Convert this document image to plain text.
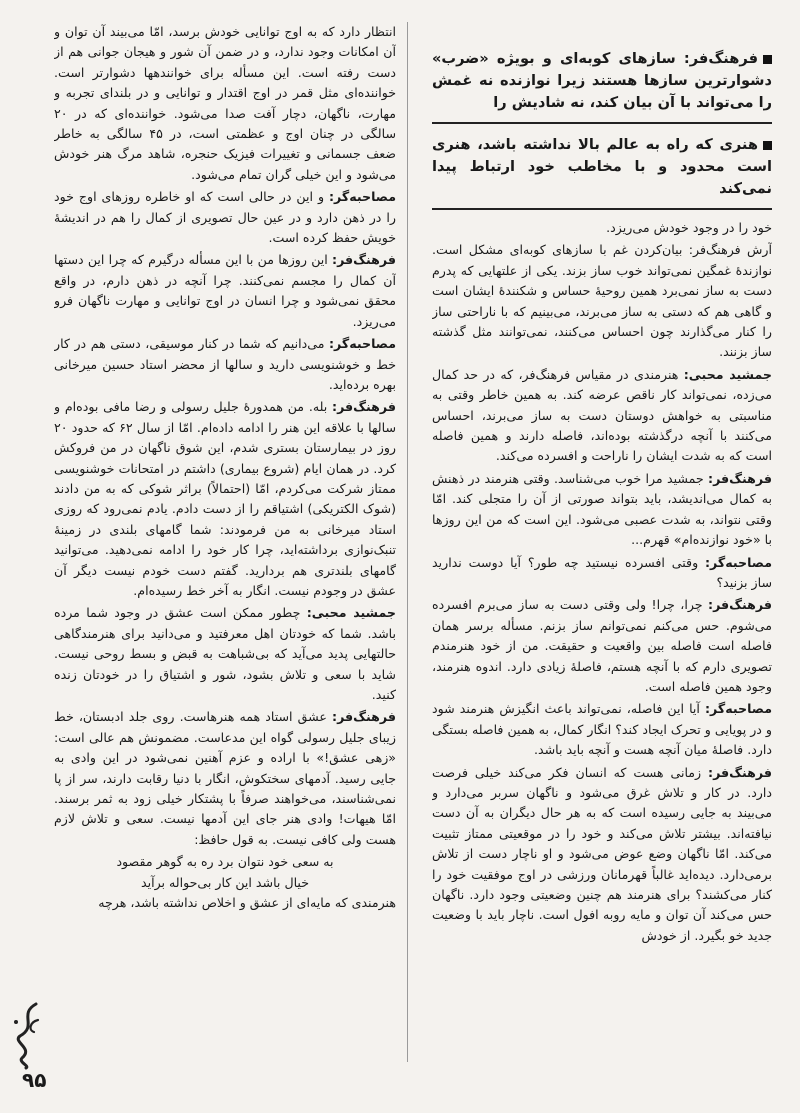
فرهنگ‌فر: سازهای کوبه‌ای و بویژه «ضرب» دشوارترین سازها هستند زیرا نوازنده نه غمش را می‌تواند با آن بیان کند، نه شادیش را
هنری که راه به عالم بالا نداشته باشد، هنری است محدود و با مخاطب خود ارتباط پیدا نمی‌کند

خود را در وجود خودش می‌ریزد.

آرش فرهنگ‌فر: بیان‌کردن غم با سازهای کوبه‌ای مشکل است. نوازندهٔ غمگین نمی‌تواند خوب ساز بزند. یکی از علتهایی که پدرم دست به ساز نمی‌برد همین روحیهٔ حساس و شکنندهٔ ایشان است و گاهی هم که دستی به ساز می‌برند، می‌بینیم که با ناراحتی ساز را کنار می‌گذارند چون احساس می‌کنند، نمی‌توانند مثل گذشته ساز بزنند.

جمشید محبی: هنرمندی در مقیاس فرهنگ‌فر، که در حد کمال می‌زده، نمی‌تواند کار ناقص عرضه کند. به همین خاطر وقتی به مناسبتی به خواهش دوستان دست به ساز می‌برند، احساس می‌کنند با آنچه درگذشته بوده‌اند، فاصله دارند و همین فاصله است که به شدت ایشان را ناراحت و افسرده می‌کند.

فرهنگ‌فر: جمشید مرا خوب می‌شناسد. وقتی هنرمند در ذهنش به کمال می‌اندیشد، باید بتواند صورتی از آن را متجلی کند. امّا وقتی نتواند، به شدت عصبی می‌شود. این است که من این روزها با «خود نوازنده‌ام» قهرم...

مصاحبه‌گر: وقتی افسرده نیستید چه طور؟ آیا دوست ندارید ساز بزنید؟

فرهنگ‌فر: چرا، چرا! ولی وقتی دست به ساز می‌برم افسرده می‌شوم. حس می‌کنم نمی‌توانم ساز بزنم. مسأله برسر همان فاصله است فاصله بین واقعیت و حقیقت. من از خود هنرمندم تصویری دارم که با آنچه هستم، فاصلهٔ زیادی دارد. اندوه هنرمند، وجود همین فاصله است.

مصاحبه‌گر: آیا این فاصله، نمی‌تواند باعث انگیزش هنرمند شود و در پویایی و تحرک ایجاد کند؟ انگار کمال، به همین فاصله بستگی دارد. فاصلهٔ میان آنچه هست و آنچه باید باشد.

فرهنگ‌فر: زمانی هست که انسان فکر می‌کند خیلی فرصت دارد. در کار و تلاش غرق می‌شود و ناگهان سربر می‌دارد و می‌بیند به جایی رسیده است که به هر حال دیگران به آن دست نیافته‌اند. بیشتر تلاش می‌کند و خود را در موقعیتی ممتاز تثبیت می‌کند. امّا ناگهان وضع عوض می‌شود و او ناچار دست از تلاش برمی‌دارد. دیده‌اید غالباً قهرمانان ورزشی در اوج موفقیت خود را کنار می‌کشند؟ برای هنرمند هم چنین وضعیتی وجود دارد. ناگهان حس می‌کند آن توان و مایه روبه افول است. ناچار باید با وضعیت جدید خو بگیرد. از خودش

انتظار دارد که به اوج توانایی خودش برسد، امّا می‌بیند آن توان و آن امکانات وجود ندارد، و در ضمن آن شور و هیجان جوانی هم از دست رفته است. این مسأله برای خوانندهها دشوارتر است. خواننده‌ای مثل قمر در اوج اقتدار و توانایی و در بلندای تجربه و مهارت، ناگهان، دچار آفت صدا می‌شود. خواننده‌ای که در ۲۰ سالگی در چنان اوج و عظمتی است، در ۴۵ سالگی به خاطر ضعف جسمانی و تغییرات فیزیک حنجره، شاهد مرگ هنر خودش می‌شود و این خیلی گران تمام می‌شود.

مصاحبه‌گر: و این در حالی است که او خاطره روزهای اوج خود را در ذهن دارد و در عین حال تصویری از کمال را هم در اندیشهٔ خویش حفظ کرده است.

فرهنگ‌فر: این روزها من با این مسأله درگیرم که چرا این دستها آن کمال را مجسم نمی‌کنند. چرا آنچه در ذهن دارم، در واقع محقق نمی‌شود و چرا انسان در اوج توانایی و مهارت ناگهان فرو می‌ریزد.

مصاحبه‌گر: می‌دانیم که شما در کنار موسیقی، دستی هم در کار خط و خوشنویسی دارید و سالها از محضر استاد حسین میرخانی بهره برده‌اید.

فرهنگ‌فر: بله. من همدورهٔ جلیل رسولی و رضا مافی بوده‌ام و سالها با علاقه این هنر را ادامه داده‌ام. امّا از سال ۶۲ که حدود ۲۰ روز در بیمارستان بستری شدم، این شوق ناگهان در من فروکش کرد. در همان ایام (شروع بیماری) داشتم در امتحانات خوشنویسی ممتاز شرکت می‌کردم، امّا (احتمالاً) براثر شوکی که به من دادند (شوک الکتریکی) اشتیاقم را از دست دادم. یادم نمی‌رود که روزی استاد میرخانی به من فرمودند: شما گامهای بلندی در زمینهٔ تنبک‌نوازی برداشته‌اید، چرا کار خود را ادامه نمی‌دهید. می‌توانید گامهای بلندتری هم بردارید. گفتم دست خودم نیست دیگر آن عشق در وجودم نیست. انگار به آخر خط رسیده‌ام.

جمشید محبی: چطور ممکن است عشق در وجود شما مرده باشد. شما که خودتان اهل معرفتید و می‌دانید برای هنرمندگاهی حالتهایی پدید می‌آید که بی‌شباهت به قبض و بسط روحی نیست. شاید با سعی و تلاش بشود، شور و اشتیاق را در خودتان زنده کنید.

فرهنگ‌فر: عشق استاد همه هنرهاست. روی جلد ادبستان، خط زیبای جلیل رسولی گواه این مدعاست. مضمونش هم عالی است: «زهی عشق!» با اراده و عزم آهنین نمی‌شود در این وادی به جایی رسید. آدمهای سختکوش، انگار با دنیا رقابت دارند، سر از پا نمی‌شناسند، می‌خواهند صرفاً با پشتکار خیلی زود به ثمر برسند. امّا هیهات! وادی هنر جای این آدمها نیست. سعی و تلاش لازم هست ولی کافی نیست. به قول حافظ:

به سعی خود نتوان برد ره به گوهر مقصود

خیال باشد این کار بی‌حواله برآید

هنرمندی که مایه‌ای از عشق و اخلاص نداشته باشد، هرچه

۹۵
